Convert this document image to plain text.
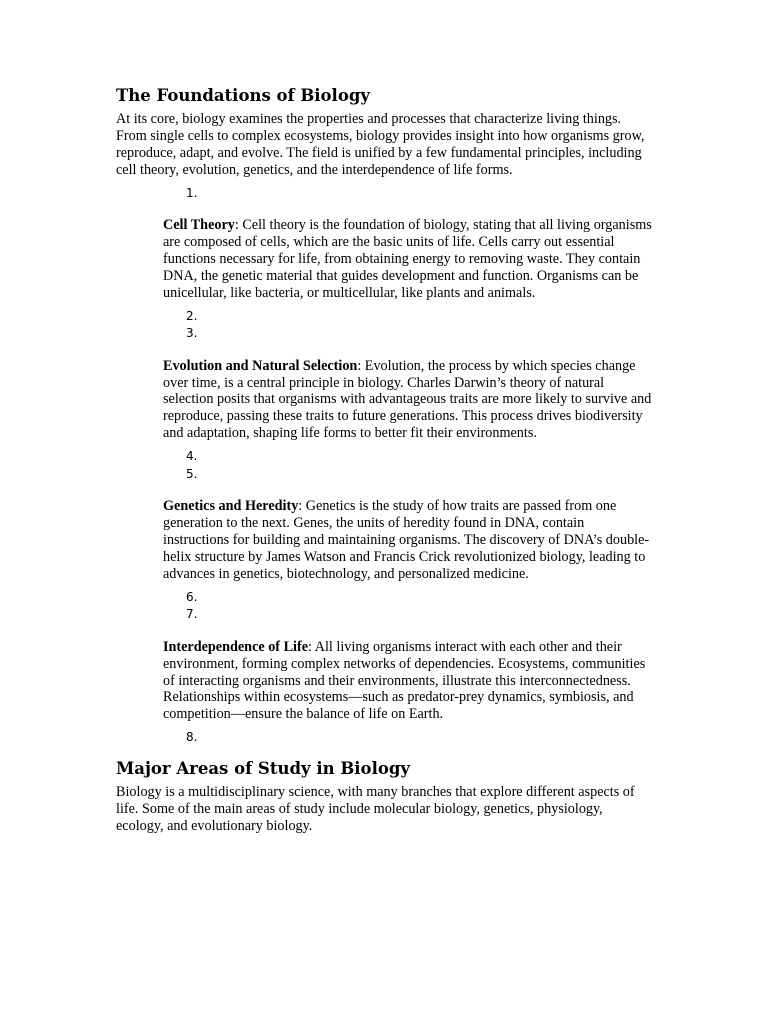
The Foundations of Biology

At its core, biology examines the properties and processes that characterize living things. From single cells to complex ecosystems, biology provides insight into how organisms grow, reproduce, adapt, and evolve. The field is unified by a few fundamental principles, including cell theory, evolution, genetics, and the interdependence of life forms.

1.

Cell Theory: Cell theory is the foundation of biology, stating that all living organisms are composed of cells, which are the basic units of life. Cells carry out essential functions necessary for life, from obtaining energy to removing waste. They contain DNA, the genetic material that guides development and function. Organisms can be unicellular, like bacteria, or multicellular, like plants and animals.

2.
3.

Evolution and Natural Selection: Evolution, the process by which species change over time, is a central principle in biology. Charles Darwin’s theory of natural selection posits that organisms with advantageous traits are more likely to survive and reproduce, passing these traits to future generations. This process drives biodiversity and adaptation, shaping life forms to better fit their environments.

4.
5.

Genetics and Heredity: Genetics is the study of how traits are passed from one generation to the next. Genes, the units of heredity found in DNA, contain instructions for building and maintaining organisms. The discovery of DNA’s double-helix structure by James Watson and Francis Crick revolutionized biology, leading to advances in genetics, biotechnology, and personalized medicine.

6.
7.

Interdependence of Life: All living organisms interact with each other and their environment, forming complex networks of dependencies. Ecosystems, communities of interacting organisms and their environments, illustrate this interconnectedness. Relationships within ecosystems—such as predator-prey dynamics, symbiosis, and competition—ensure the balance of life on Earth.

8.
Major Areas of Study in Biology

Biology is a multidisciplinary science, with many branches that explore different aspects of life. Some of the main areas of study include molecular biology, genetics, physiology, ecology, and evolutionary biology.
